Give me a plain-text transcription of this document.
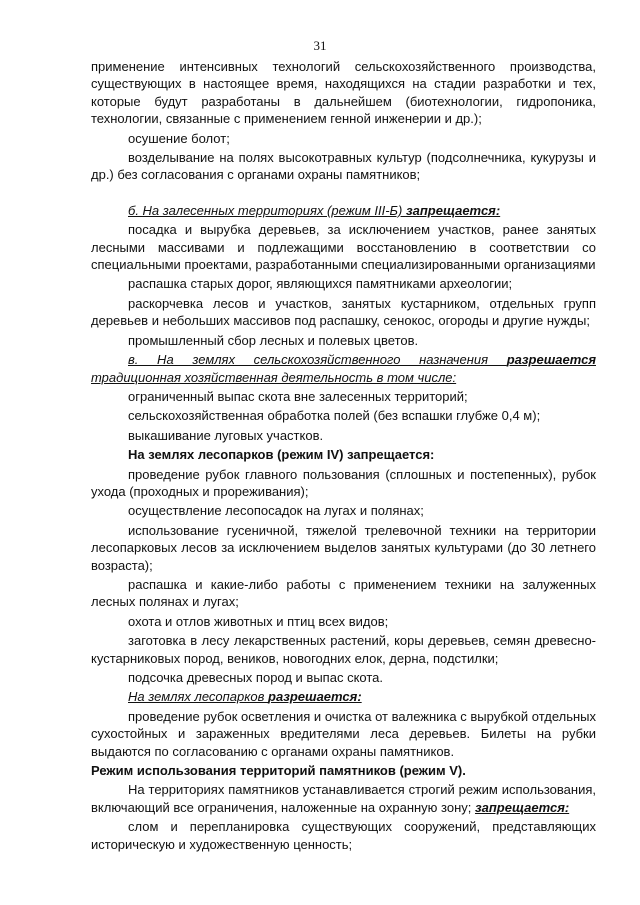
31

применение интенсивных технологий сельскохозяйственного производства, существующих в настоящее время, находящихся на стадии разработки и тех, которые будут разработаны в дальнейшем (биотехнологии, гидропоника, технологии, связанные с применением генной инженерии и др.);

осушение болот;

возделывание на полях высокотравных культур (подсолнечника, кукурузы и др.) без согласования с органами охраны памятников;

б. На залесенных территориях (режим III-Б) запрещается:

посадка и вырубка деревьев, за исключением участков, ранее занятых лесными массивами и подлежащими восстановлению в соответствии со специальными проектами, разработанными специализированными организациями

распашка старых дорог, являющихся памятниками археологии;

раскорчевка лесов и участков, занятых кустарником, отдельных групп деревьев и небольших массивов под распашку, сенокос, огороды и другие нужды;

промышленный сбор лесных и полевых цветов.

в. На землях сельскохозяйственного назначения разрешается традиционная хозяйственная деятельность в том числе:

ограниченный выпас скота вне залесенных территорий;

сельскохозяйственная обработка полей (без вспашки глубже 0,4 м);

выкашивание луговых участков.

На землях лесопарков (режим IV) запрещается:

проведение рубок главного пользования (сплошных и постепенных), рубок ухода (проходных и прореживания);

осуществление лесопосадок на лугах и полянах;

использование гусеничной, тяжелой трелевочной техники на территории лесопарковых лесов за исключением выделов занятых культурами (до 30 летнего возраста);

распашка и какие-либо работы с применением техники на залуженных лесных полянах и лугах;

охота и отлов животных и птиц всех видов;

заготовка в лесу лекарственных растений, коры деревьев, семян древесно-кустарниковых пород, веников, новогодних елок, дерна, подстилки;

подсочка древесных пород и выпас скота.

На землях лесопарков разрешается:

проведение рубок осветления и очистка от валежника с вырубкой отдельных сухостойных и зараженных вредителями леса деревьев. Билеты на рубки выдаются по согласованию с органами охраны памятников.

Режим использования территорий памятников (режим V).

На территориях памятников устанавливается строгий режим использования, включающий все ограничения, наложенные на охранную зону; запрещается:

слом и перепланировка существующих сооружений, представляющих историческую и художественную ценность;
